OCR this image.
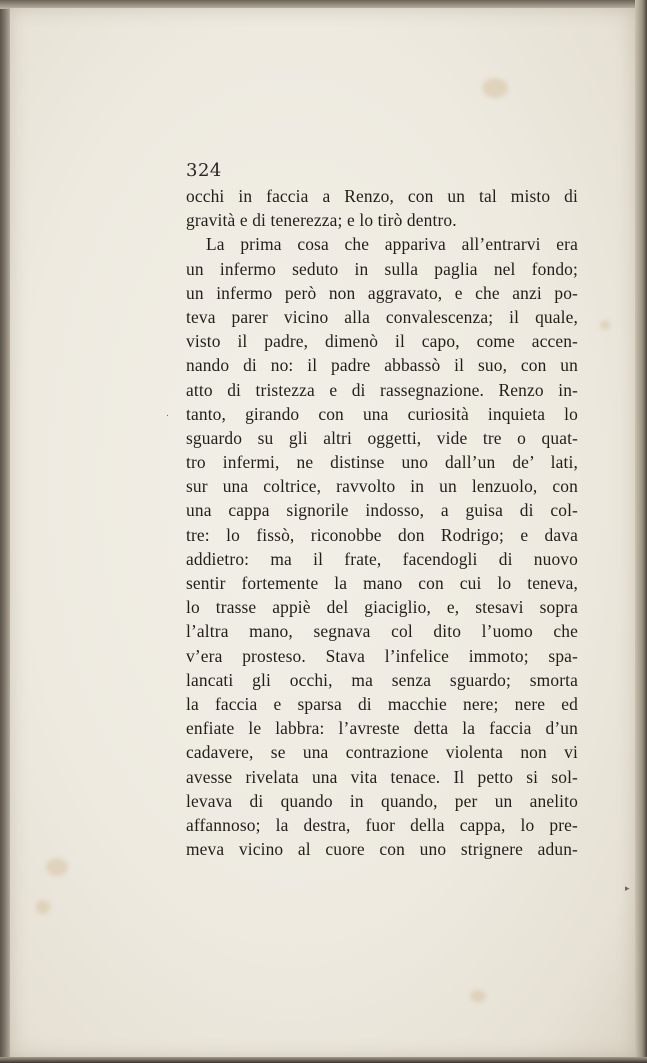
324
occhi in faccia a Renzo, con un tal misto di
gravità e di tenerezza; e lo tirò dentro.
La prima cosa che appariva all’entrarvi era
un infermo seduto in sulla paglia nel fondo;
un infermo però non aggravato, e che anzi po-
teva parer vicino alla convalescenza; il quale,
visto il padre, dimenò il capo, come accen-
nando di no: il padre abbassò il suo, con un
atto di tristezza e di rassegnazione. Renzo in-
tanto, girando con una curiosità inquieta lo
sguardo su gli altri oggetti, vide tre o quat-
tro infermi, ne distinse uno dall’un de’ lati,
sur una coltrice, ravvolto in un lenzuolo, con
una cappa signorile indosso, a guisa di col-
tre: lo fissò, riconobbe don Rodrigo; e dava
addietro: ma il frate, facendogli di nuovo
sentir fortemente la mano con cui lo teneva,
lo trasse appiè del giaciglio, e, stesavi sopra
l’altra mano, segnava col dito l’uomo che
v’era prosteso. Stava l’infelice immoto; spa-
lancati gli occhi, ma senza sguardo; smorta
la faccia e sparsa di macchie nere; nere ed
enfiate le labbra: l’avreste detta la faccia d’un
cadavere, se una contrazione violenta non vi
avesse rivelata una vita tenace. Il petto si sol-
levava di quando in quando, per un anelito
affannoso; la destra, fuor della cappa, lo pre-
meva vicino al cuore con uno strignere adun-
.
▸
